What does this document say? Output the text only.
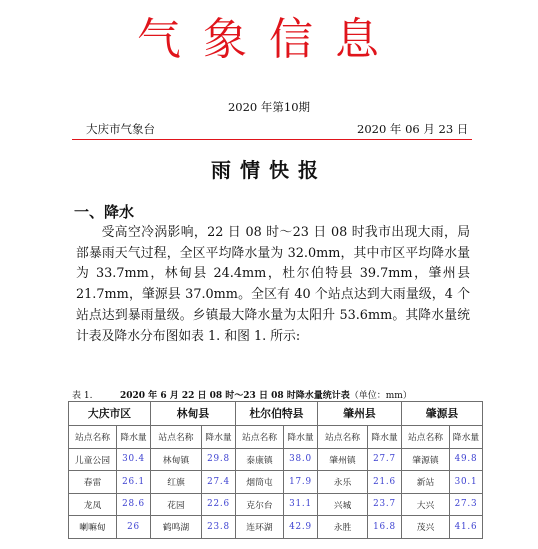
气象信息
2020 年第10期
大庆市气象台	2020 年 06 月 23 日
雨情快报
一、降水
受高空冷涡影响，22 日 08 时～23 日 08 时我市出现大雨，局部暴雨天气过程，全区平均降水量为 32.0mm，其中市区平均降水量为 33.7mm，林甸县 24.4mm，杜尔伯特县 39.7mm，肇州县 21.7mm，肇源县 37.0mm。全区有 40 个站点达到大雨量级，4 个站点达到暴雨量级。乡镇最大降水量为太阳升 53.6mm。其降水量统计表及降水分布图如表 1. 和图 1. 所示:
表 1.	2020 年 6 月 22 日 08 时～23 日 08 时降水量统计表（单位：mm）
大庆市区		林甸县		杜尔伯特县		肇州县		肇源县	
站点名称	降水量	站点名称	降水量	站点名称	降水量	站点名称	降水量	站点名称	降水量
儿童公园	30.4	林甸镇	29.8	泰康镇	38.0	肇州镇	27.7	肇源镇	49.8
春雷	26.1	红旗	27.4	烟筒屯	17.9	永乐	21.6	新站	30.1
龙凤	28.6	花园	22.6	克尔台	31.1	兴城	23.7	大兴	27.3
喇嘛甸	26	鹤鸣湖	23.8	连环湖	42.9	永胜	16.8	茂兴	41.6
